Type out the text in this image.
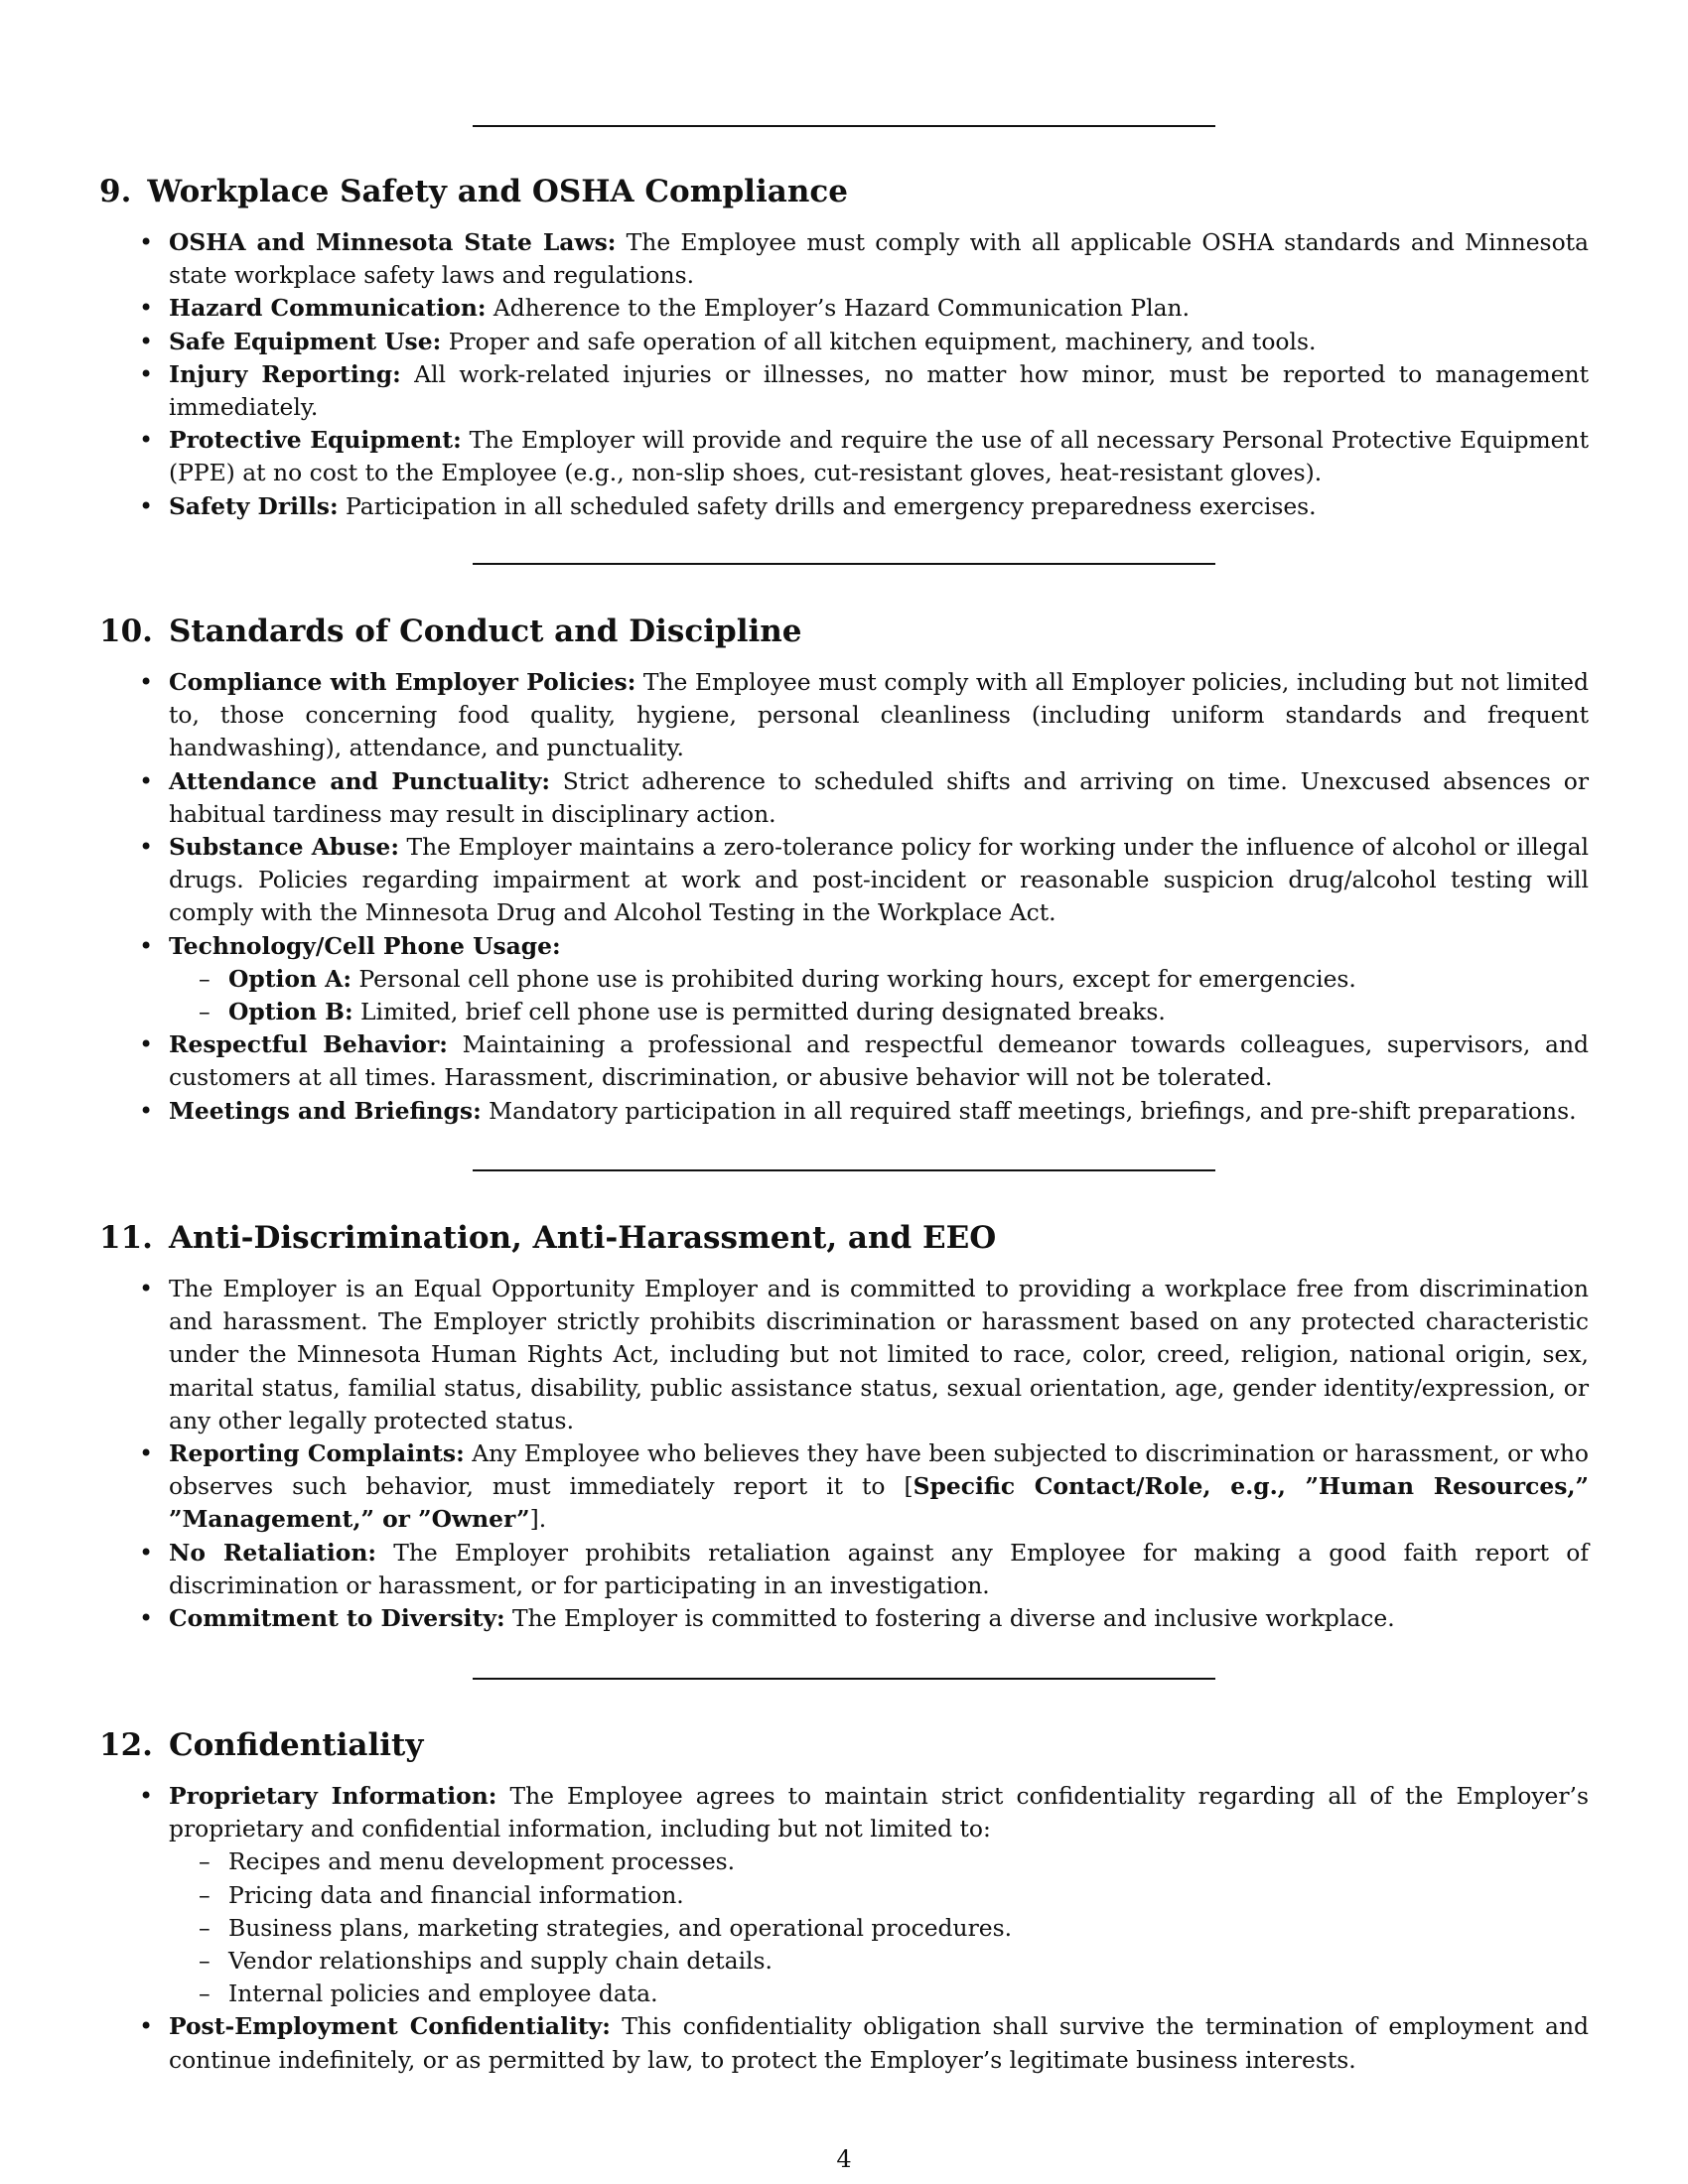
9. Workplace Safety and OSHA Compliance
• OSHA and Minnesota State Laws: The Employee must comply with all applicable OSHA standards and Minnesota state workplace safety laws and regulations.
• Hazard Communication: Adherence to the Employer’s Hazard Communication Plan.
• Safe Equipment Use: Proper and safe operation of all kitchen equipment, machinery, and tools.
• Injury Reporting: All work-related injuries or illnesses, no matter how minor, must be reported to management immediately.
• Protective Equipment: The Employer will provide and require the use of all necessary Personal Protective Equipment (PPE) at no cost to the Employee (e.g., non-slip shoes, cut-resistant gloves, heat-resistant gloves).
• Safety Drills: Participation in all scheduled safety drills and emergency preparedness exercises.
10. Standards of Conduct and Discipline
• Compliance with Employer Policies: The Employee must comply with all Employer policies, including but not limited to, those concerning food quality, hygiene, personal cleanliness (including uniform standards and frequent handwashing), attendance, and punctuality.
• Attendance and Punctuality: Strict adherence to scheduled shifts and arriving on time. Unexcused absences or habitual tardiness may result in disciplinary action.
• Substance Abuse: The Employer maintains a zero-tolerance policy for working under the influence of alcohol or illegal drugs. Policies regarding impairment at work and post-incident or reasonable suspicion drug/alcohol testing will comply with the Minnesota Drug and Alcohol Testing in the Workplace Act.
• Technology/Cell Phone Usage:
– Option A: Personal cell phone use is prohibited during working hours, except for emergencies.
– Option B: Limited, brief cell phone use is permitted during designated breaks.
• Respectful Behavior: Maintaining a professional and respectful demeanor towards colleagues, supervisors, and customers at all times. Harassment, discrimination, or abusive behavior will not be tolerated.
• Meetings and Briefings: Mandatory participation in all required staff meetings, briefings, and pre-shift preparations.
11. Anti-Discrimination, Anti-Harassment, and EEO
• The Employer is an Equal Opportunity Employer and is committed to providing a workplace free from discrimination and harassment. The Employer strictly prohibits discrimination or harassment based on any protected characteristic under the Minnesota Human Rights Act, including but not limited to race, color, creed, religion, national origin, sex, marital status, familial status, disability, public assistance status, sexual orientation, age, gender identity/expression, or any other legally protected status.
• Reporting Complaints: Any Employee who believes they have been subjected to discrimination or harassment, or who observes such behavior, must immediately report it to [Specific Contact/Role, e.g., ”Human Resources,” ”Management,” or ”Owner”].
• No Retaliation: The Employer prohibits retaliation against any Employee for making a good faith report of discrimination or harassment, or for participating in an investigation.
• Commitment to Diversity: The Employer is committed to fostering a diverse and inclusive workplace.
12. Confidentiality
• Proprietary Information: The Employee agrees to maintain strict confidentiality regarding all of the Employer’s proprietary and confidential information, including but not limited to:
– Recipes and menu development processes.
– Pricing data and financial information.
– Business plans, marketing strategies, and operational procedures.
– Vendor relationships and supply chain details.
– Internal policies and employee data.
• Post-Employment Confidentiality: This confidentiality obligation shall survive the termination of employment and continue indefinitely, or as permitted by law, to protect the Employer’s legitimate business interests.
4
